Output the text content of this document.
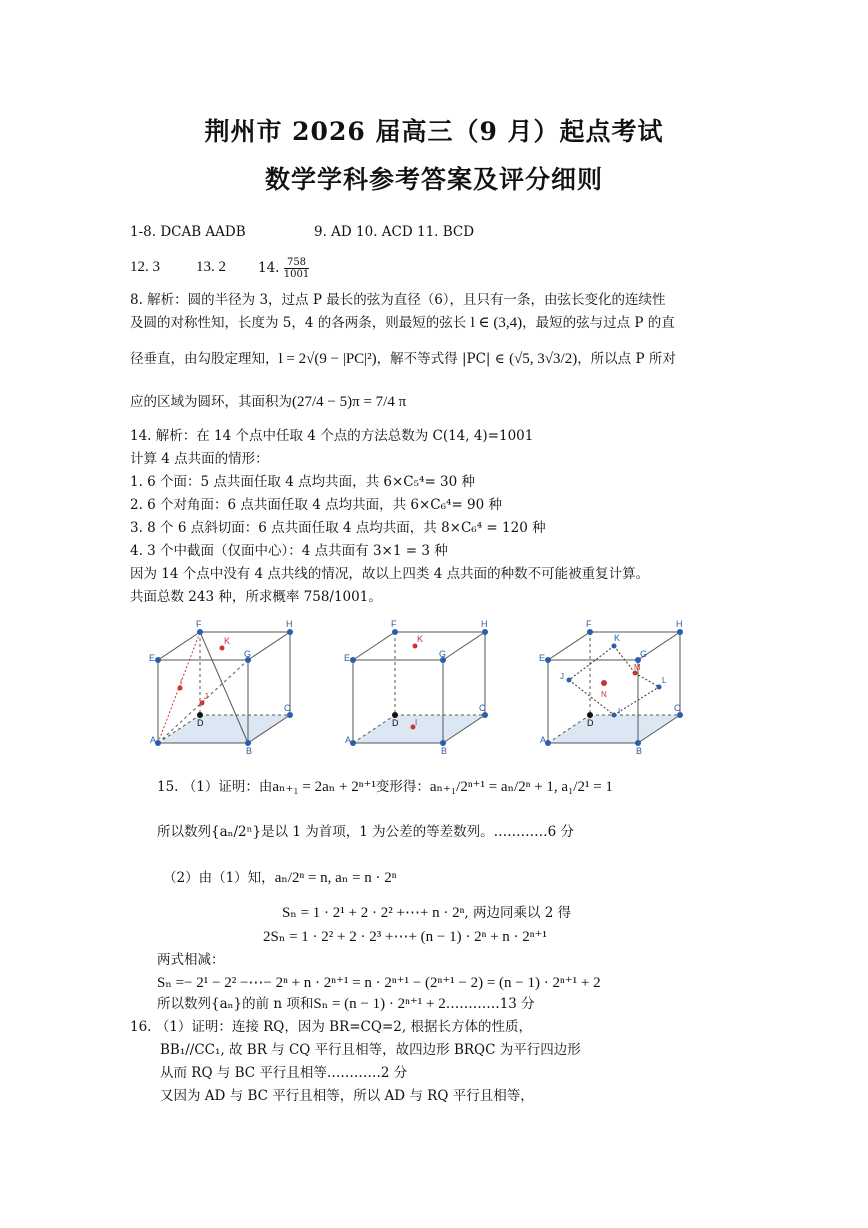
荆州市 2026 届高三（9 月）起点考试
数学学科参考答案及评分细则
1-8. DCAB AADB	9. AD 10. ACD 11. BCD
12. 3 13. 2 14. $\frac{758}{1001}$
8. 解析：圆的半径为 3，过点 P 最长的弦为直径（6），且只有一条，由弦长变化的连续性
及圆的对称性知，长度为 5，4 的各两条，则最短的弦长 l ∈ (3,4)，最短的弦与过点 P 的直
径垂直，由勾股定理知，l = 2√(9 − |PC|²)，解不等式得 |PC| ∈ (√5, 3√3/2)，所以点 P 所对
应的区域为圆环，其面积为(27/4 − 5)π = 7/4 π
14. 解析：在 14 个点中任取 4 个点的方法总数为 C(14, 4)=1001
计算 4 点共面的情形：
1. 6 个面：5 点共面任取 4 点均共面，共 6×C₅⁴= 30 种
2. 6 个对角面：6 点共面任取 4 点均共面，共 6×C₆⁴= 90 种
3. 8 个 6 点斜切面：6 点共面任取 4 点均共面，共 8×C₆⁴ = 120 种
4. 3 个中截面（仅面中心）：4 点共面有 3×1 = 3 种
因为 14 个点中没有 4 点共线的情况，故以上四类 4 点共面的种数不可能被重复计算。
共面总数 243 种，所求概率 758/1001。
F	H
K
E	G
I
J
D
C
A
B
F	H
K
E	G
D I
C
A
B
F	H
K
E	G
M
J
N
L
D
I	C
A
B
15. （1）证明：由aₙ₊₁ = 2aₙ + 2ⁿ⁺¹变形得：aₙ₊₁/2ⁿ⁺¹ = aₙ/2ⁿ + 1, a₁/2¹ = 1
所以数列{aₙ/2ⁿ}是以 1 为首项，1 为公差的等差数列。…………6 分
（2）由（1）知，aₙ/2ⁿ = n, aₙ = n · 2ⁿ
Sₙ = 1 · 2¹ + 2 · 2² +⋯+ n · 2ⁿ, 两边同乘以 2 得
2Sₙ = 1 · 2² + 2 · 2³ +⋯+ (n − 1) · 2ⁿ + n · 2ⁿ⁺¹
两式相减：
Sₙ =− 2¹ − 2² −⋯− 2ⁿ + n · 2ⁿ⁺¹ = n · 2ⁿ⁺¹ − (2ⁿ⁺¹ − 2) = (n − 1) · 2ⁿ⁺¹ + 2
所以数列{aₙ}的前 n 项和Sₙ = (n − 1) · 2ⁿ⁺¹ + 2…………13 分
16. （1）证明：连接 RQ，因为 BR=CQ=2, 根据长方体的性质，
BB₁//CC₁, 故 BR 与 CQ 平行且相等，故四边形 BRQC 为平行四边形
从而 RQ 与 BC 平行且相等…………2 分
又因为 AD 与 BC 平行且相等，所以 AD 与 RQ 平行且相等，
